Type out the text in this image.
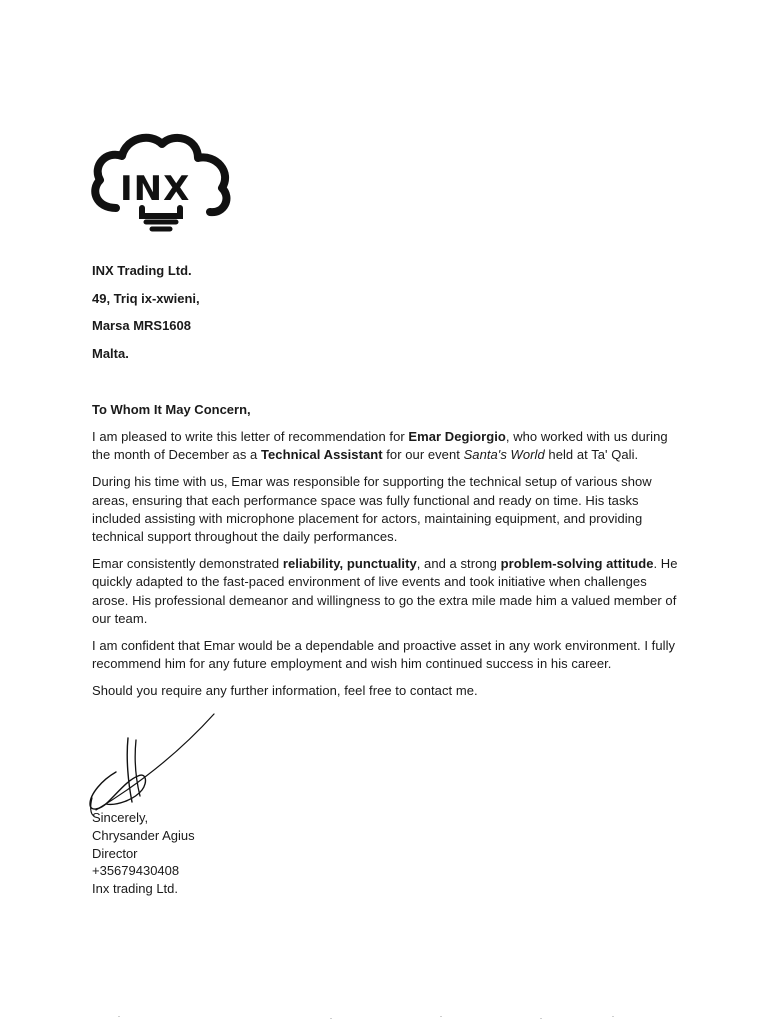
INX
INX Trading Ltd.
49, Triq ix-xwieni,
Marsa MRS1608
Malta.
To Whom It May Concern,

I am pleased to write this letter of recommendation for Emar Degiorgio, who worked with us during the month of December as a Technical Assistant for our event Santa's World held at Ta' Qali.

During his time with us, Emar was responsible for supporting the technical setup of various show areas, ensuring that each performance space was fully functional and ready on time. His tasks included assisting with microphone placement for actors, maintaining equipment, and providing technical support throughout the daily performances.

Emar consistently demonstrated reliability, punctuality, and a strong problem-solving attitude. He quickly adapted to the fast-paced environment of live events and took initiative when challenges arose. His professional demeanor and willingness to go the extra mile made him a valued member of our team.

I am confident that Emar would be a dependable and proactive asset in any work environment. I fully recommend him for any future employment and wish him continued success in his career.

Should you require any further information, feel free to contact me.

Sincerely,
Chrysander Agius
Director
+35679430408
Inx trading Ltd.
